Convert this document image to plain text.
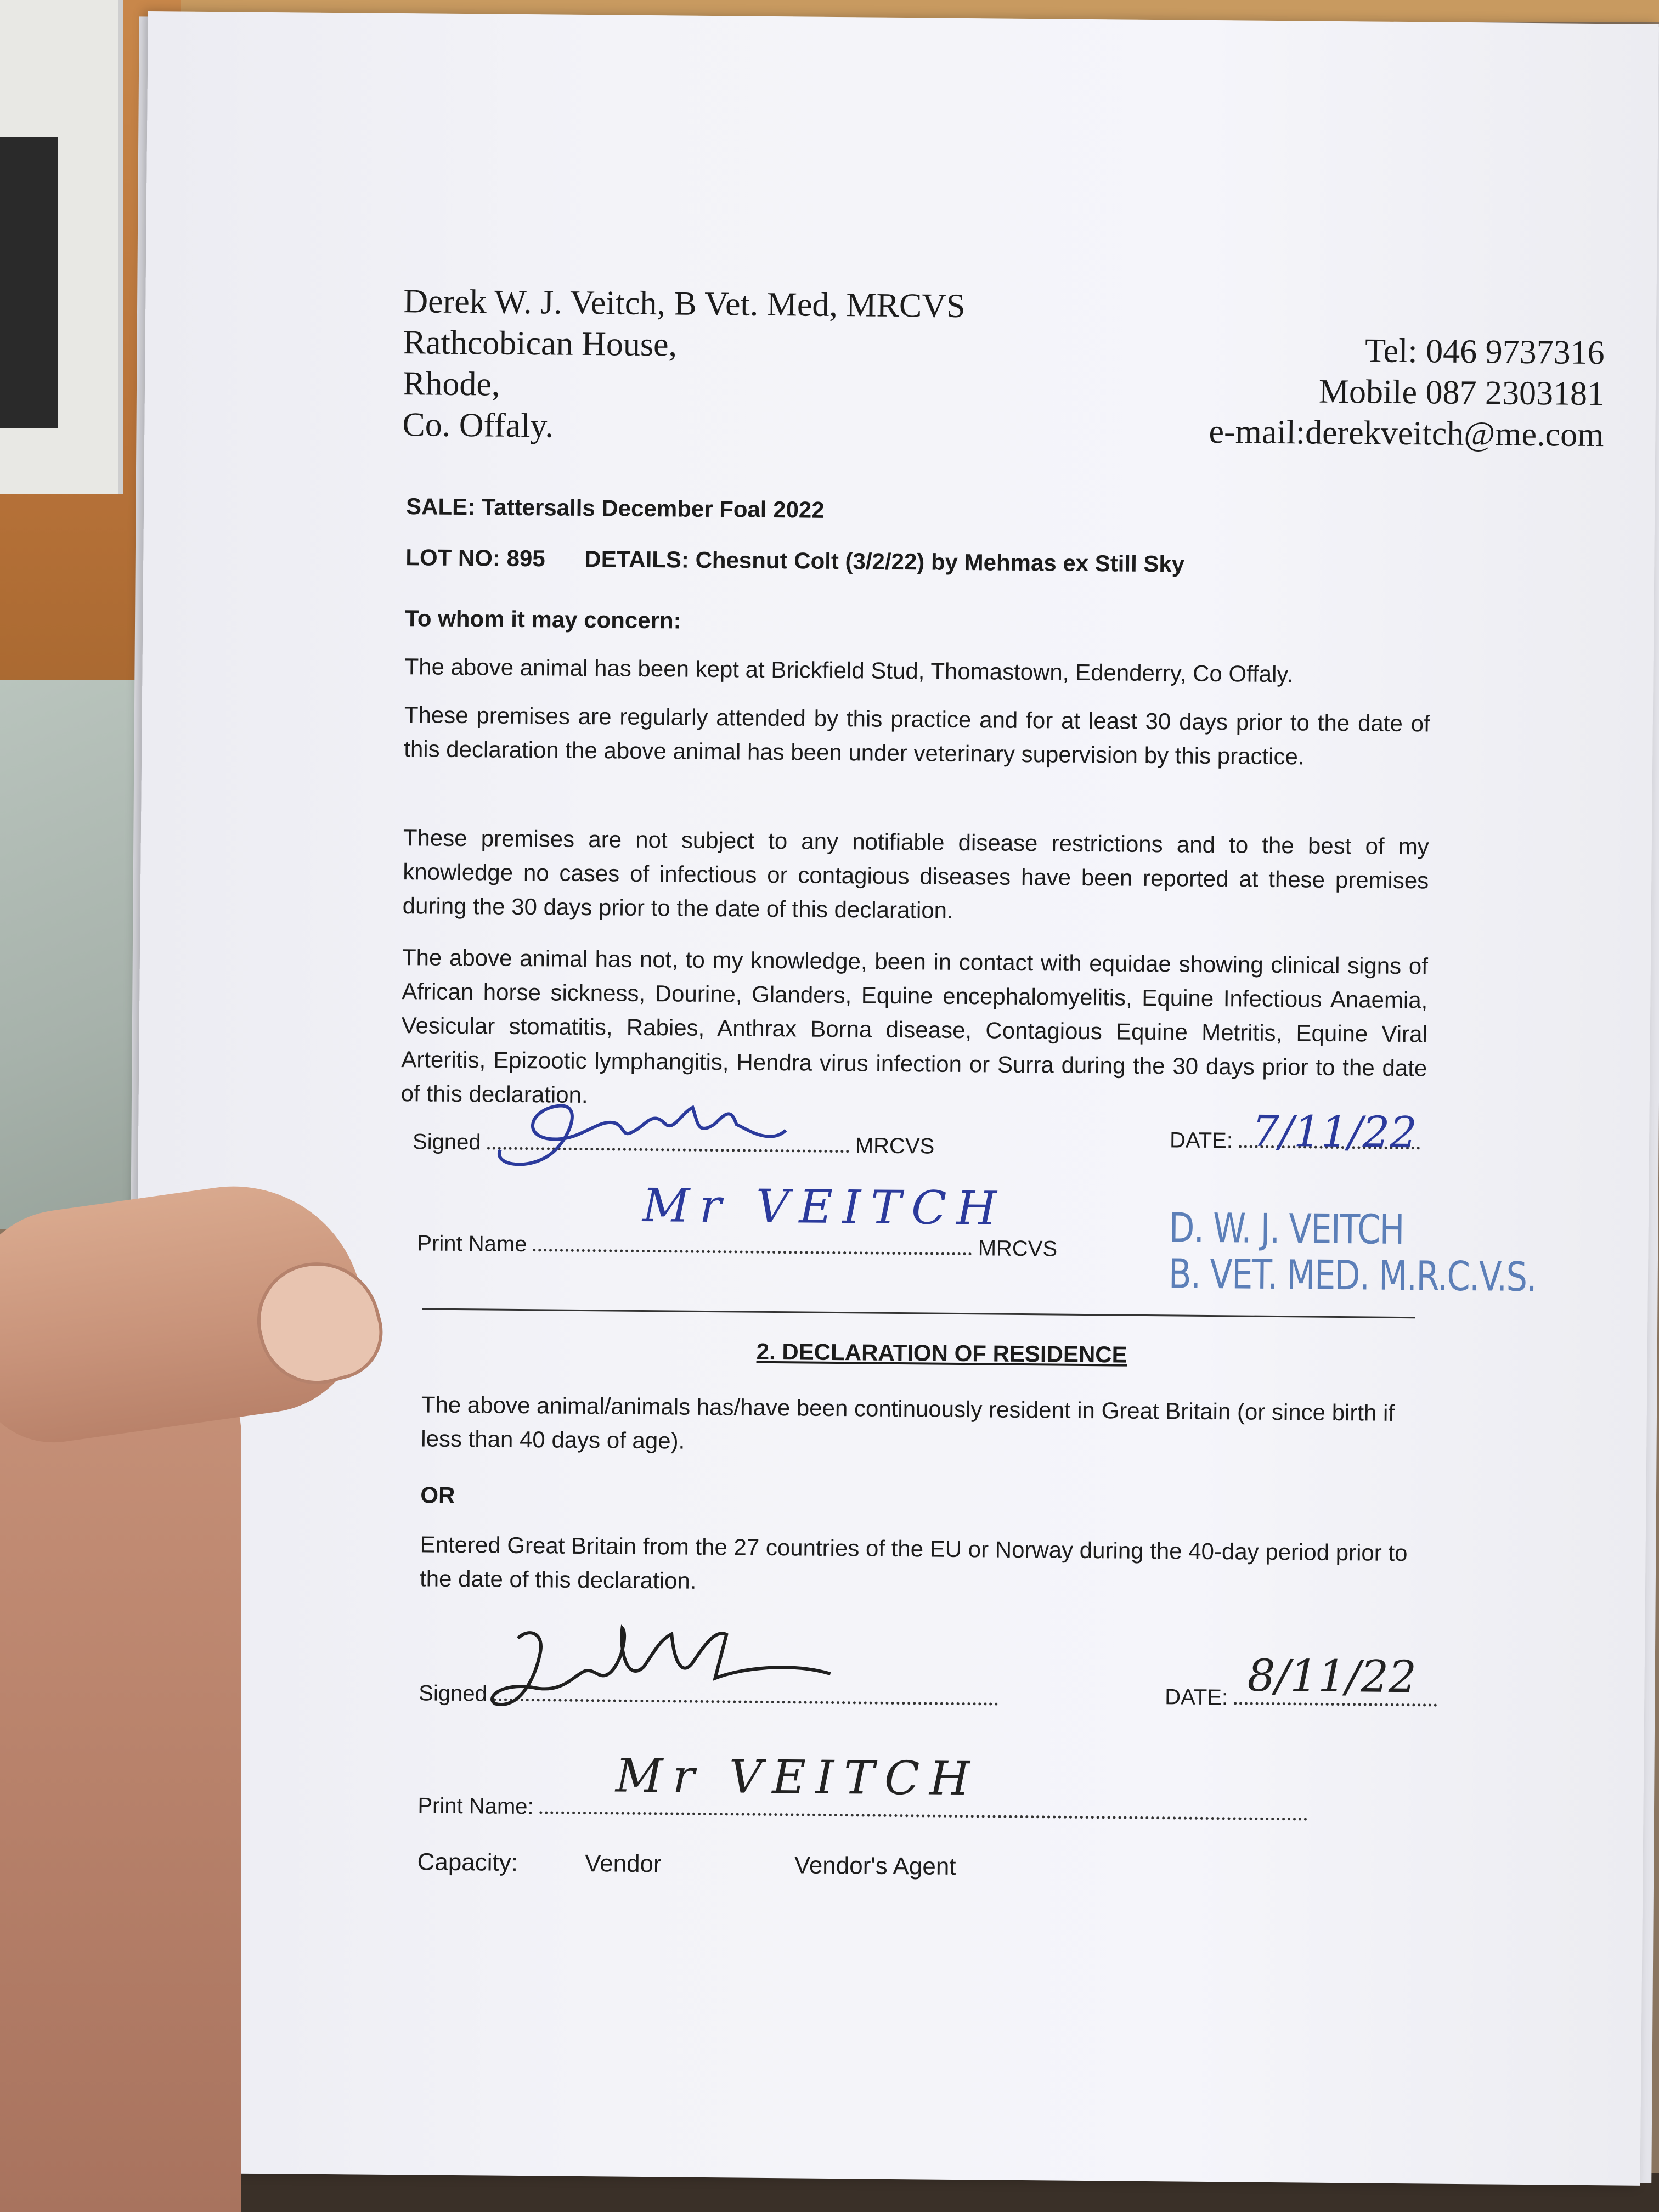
Derek W. J. Veitch, B Vet. Med, MRCVS
Rathcobican House,
Rhode,
Co. Offaly.
Tel: 046 9737316
Mobile 087 2303181
e-mail:derekveitch@me.com
SALE: Tattersalls December Foal 2022
LOT NO: 895 DETAILS: Chesnut Colt (3/2/22) by Mehmas ex Still Sky
To whom it may concern:
The above animal has been kept at Brickfield Stud, Thomastown, Edenderry, Co Offaly.
These premises are regularly attended by this practice and for at least 30 days prior to the date of this declaration the above animal has been under veterinary supervision by this practice.
These premises are not subject to any notifiable disease restrictions and to the best of my knowledge no cases of infectious or contagious diseases have been reported at these premises during the 30 days prior to the date of this declaration.
The above animal has not, to my knowledge, been in contact with equidae showing clinical signs of African horse sickness, Dourine, Glanders, Equine encephalomyelitis, Equine Infectious Anaemia, Vesicular stomatitis, Rabies, Anthrax Borna disease, Contagious Equine Metritis, Equine Viral Arteritis, Epizootic lymphangitis, Hendra virus infection or Surra during the 30 days prior to the date of this declaration.
Signed	MRCVS	DATE: 7/11/22
Print Name	MRCVS
Mr VEITCH	D. W. J. VEITCH
B. VET. MED. M.R.C.V.S.
2. DECLARATION OF RESIDENCE
The above animal/animals has/have been continuously resident in Great Britain (or since birth if less than 40 days of age).
OR
Entered Great Britain from the 27 countries of the EU or Norway during the 40-day period prior to the date of this declaration.
Signed	DATE: 8/11/22
Print Name:
Mr VEITCH
Capacity:	Vendor	Vendor's Agent
